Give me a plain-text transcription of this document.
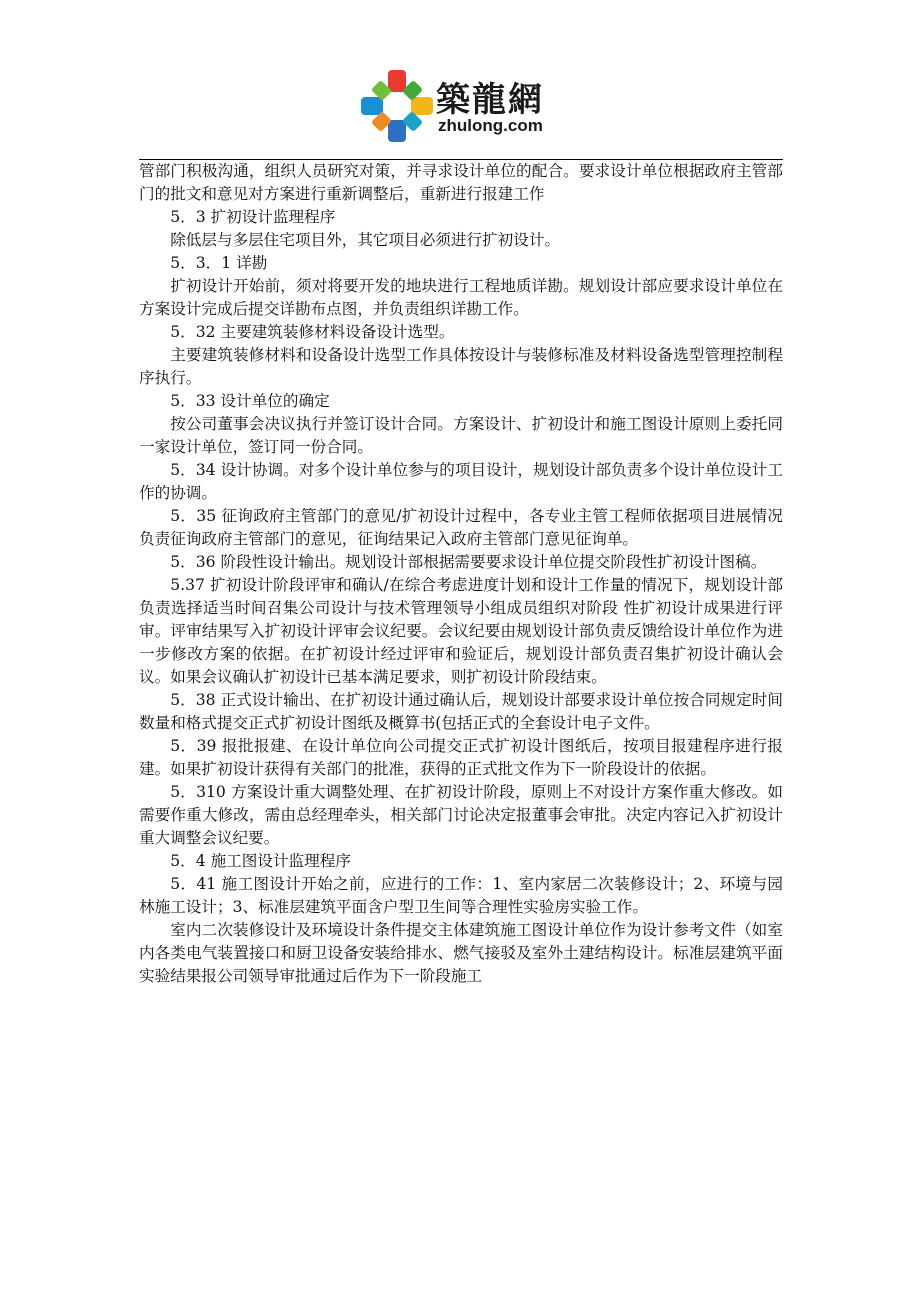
築龍網
zhulong.com

管部门积极沟通，组织人员研究对策，并寻求设计单位的配合。要求设计单位根据政府主管部门的批文和意见对方案进行重新调整后，重新进行报建工作

5．3 扩初设计监理程序

除低层与多层住宅项目外，其它项目必须进行扩初设计。

5．3．1 详勘

扩初设计开始前，须对将要开发的地块进行工程地质详勘。规划设计部应要求设计单位在方案设计完成后提交详勘布点图，并负责组织详勘工作。

5．32 主要建筑装修材料设备设计选型。

主要建筑装修材料和设备设计选型工作具体按设计与装修标准及材料设备选型管理控制程序执行。

5．33 设计单位的确定

按公司董事会决议执行并签订设计合同。方案设计、扩初设计和施工图设计原则上委托同一家设计单位，签订同一份合同。

5．34 设计协调。对多个设计单位参与的项目设计，规划设计部负责多个设计单位设计工作的协调。

5．35 征询政府主管部门的意见/扩初设计过程中，各专业主管工程师依据项目进展情况负责征询政府主管部门的意见，征询结果记入政府主管部门意见征询单。

5．36 阶段性设计输出。规划设计部根据需要要求设计单位提交阶段性扩初设计图稿。

5.37 扩初设计阶段评审和确认/在综合考虑进度计划和设计工作量的情况下，规划设计部负责选择适当时间召集公司设计与技术管理领导小组成员组织对阶段 性扩初设计成果进行评审。评审结果写入扩初设计评审会议纪要。会议纪要由规划设计部负责反馈给设计单位作为进一步修改方案的依据。在扩初设计经过评审和验证后，规划设计部负责召集扩初设计确认会议。如果会议确认扩初设计已基本满足要求，则扩初设计阶段结束。

5．38 正式设计输出、在扩初设计通过确认后，规划设计部要求设计单位按合同规定时间数量和格式提交正式扩初设计图纸及概算书(包括正式的全套设计电子文件。

5．39 报批报建、在设计单位向公司提交正式扩初设计图纸后，按项目报建程序进行报建。如果扩初设计获得有关部门的批准，获得的正式批文作为下一阶段设计的依据。

5．310 方案设计重大调整处理、在扩初设计阶段，原则上不对设计方案作重大修改。如需要作重大修改，需由总经理牵头，相关部门讨论决定报董事会审批。决定内容记入扩初设计重大调整会议纪要。

5．4 施工图设计监理程序

5．41 施工图设计开始之前，应进行的工作：1、室内家居二次装修设计；2、环境与园林施工设计；3、标准层建筑平面含户型卫生间等合理性实验房实验工作。

室内二次装修设计及环境设计条件提交主体建筑施工图设计单位作为设计参考文件（如室内各类电气装置接口和厨卫设备安装给排水、燃气接驳及室外土建结构设计。标准层建筑平面实验结果报公司领导审批通过后作为下一阶段施工
